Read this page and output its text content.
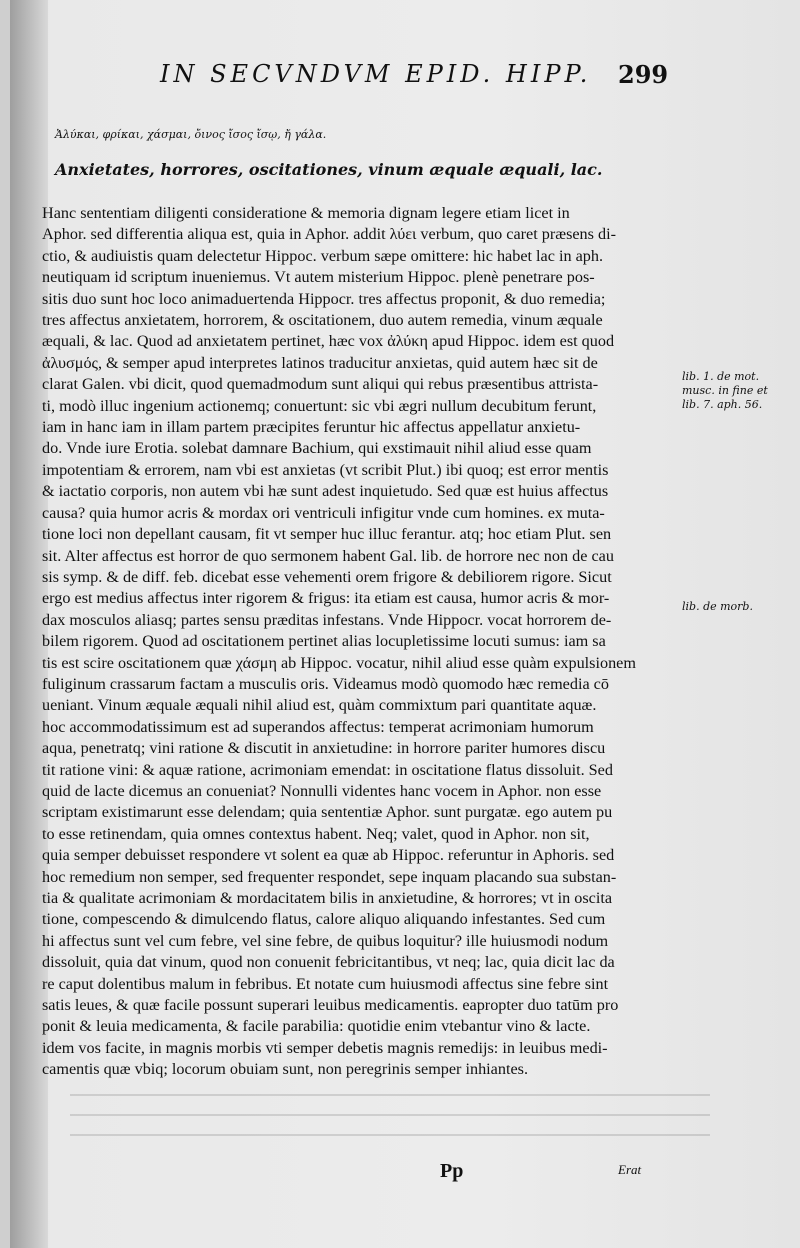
IN SECVNDVM EPID. HIPP. 299
Ἀλύκαι, φρίκαι, χάσμαι, ὄινος ἴσος ἴσῳ, ἤ γάλα.
Anxietates, horrores, oscitationes, vinum æquale æquali, lac.
Hanc sententiam diligenti consideratione & memoria dignam legere etiam licet in
Aphor. sed differentia aliqua est, quia in Aphor. addit λύει verbum, quo caret præsens di-
ctio, & audiuistis quam delectetur Hippoc. verbum sæpe omittere: hic habet lac in aph.
neutiquam id scriptum inueniemus. Vt autem misterium Hippoc. plenè penetrare pos-
sitis duo sunt hoc loco animaduertenda Hippocr. tres affectus proponit, & duo remedia;
tres affectus anxietatem, horrorem, & oscitationem, duo autem remedia, vinum æquale
æquali, & lac. Quod ad anxietatem pertinet, hæc vox ἀλύκη apud Hippoc. idem est quod
ἀλυσμός, & semper apud interpretes latinos traducitur anxietas, quid autem hæc sit de
clarat Galen. vbi dicit, quod quemadmodum sunt aliqui qui rebus præsentibus attrista-
ti, modò illuc ingenium actionemq; conuertunt: sic vbi ægri nullum decubitum ferunt,
iam in hanc iam in illam partem præcipites feruntur hic affectus appellatur anxietu-
do. Vnde iure Erotia. solebat damnare Bachium, qui exstimauit nihil aliud esse quam
impotentiam & errorem, nam vbi est anxietas (vt scribit Plut.) ibi quoq; est error mentis
& iactatio corporis, non autem vbi hæ sunt adest inquietudo. Sed quæ est huius affectus
causa? quia humor acris & mordax ori ventriculi infigitur vnde cum homines. ex muta-
tione loci non depellant causam, fit vt semper huc illuc ferantur. atq; hoc etiam Plut. sen
sit. Alter affectus est horror de quo sermonem habent Gal. lib. de horrore nec non de cau
sis symp. & de diff. feb. dicebat esse vehementi orem frigore & debiliorem rigore. Sicut
ergo est medius affectus inter rigorem & frigus: ita etiam est causa, humor acris & mor-
dax mosculos aliasq; partes sensu præditas infestans. Vnde Hippocr. vocat horrorem de-
bilem rigorem. Quod ad oscitationem pertinet alias locupletissime locuti sumus: iam sa
tis est scire oscitationem quæ χάσμη ab Hippoc. vocatur, nihil aliud esse quàm expulsionem
fuliginum crassarum factam a musculis oris. Videamus modò quomodo hæc remedia cō
ueniant. Vinum æquale æquali nihil aliud est, quàm commixtum pari quantitate aquæ.
hoc accommodatissimum est ad superandos affectus: temperat acrimoniam humorum
aqua, penetratq; vini ratione & discutit in anxietudine: in horrore pariter humores discu
tit ratione vini: & aquæ ratione, acrimoniam emendat: in oscitatione flatus dissoluit. Sed
quid de lacte dicemus an conueniat? Nonnulli videntes hanc vocem in Aphor. non esse
scriptam existimarunt esse delendam; quia sententiæ Aphor. sunt purgatæ. ego autem pu
to esse retinendam, quia omnes contextus habent. Neq; valet, quod in Aphor. non sit,
quia semper debuisset respondere vt solent ea quæ ab Hippoc. referuntur in Aphoris. sed
hoc remedium non semper, sed frequenter respondet, sepe inquam placando sua substan-
tia & qualitate acrimoniam & mordacitatem bilis in anxietudine, & horrores; vt in oscita
tione, compescendo & dimulcendo flatus, calore aliquo aliquando infestantes. Sed cum
hi affectus sunt vel cum febre, vel sine febre, de quibus loquitur? ille huiusmodi nodum
dissoluit, quia dat vinum, quod non conuenit febricitantibus, vt neq; lac, quia dicit lac da
re caput dolentibus malum in febribus. Et notate cum huiusmodi affectus sine febre sint
satis leues, & quæ facile possunt superari leuibus medicamentis. eapropter duo tatūm pro
ponit & leuia medicamenta, & facile parabilia: quotidie enim vtebantur vino & lacte.
idem vos facite, in magnis morbis vti semper debetis magnis remedijs: in leuibus medi-
camentis quæ vbiq; locorum obuiam sunt, non peregrinis semper inhiantes.
lib. 1. de mot.
musc. in fine et
lib. 7. aph. 56.
lib. de morb.
Pp	Erat
